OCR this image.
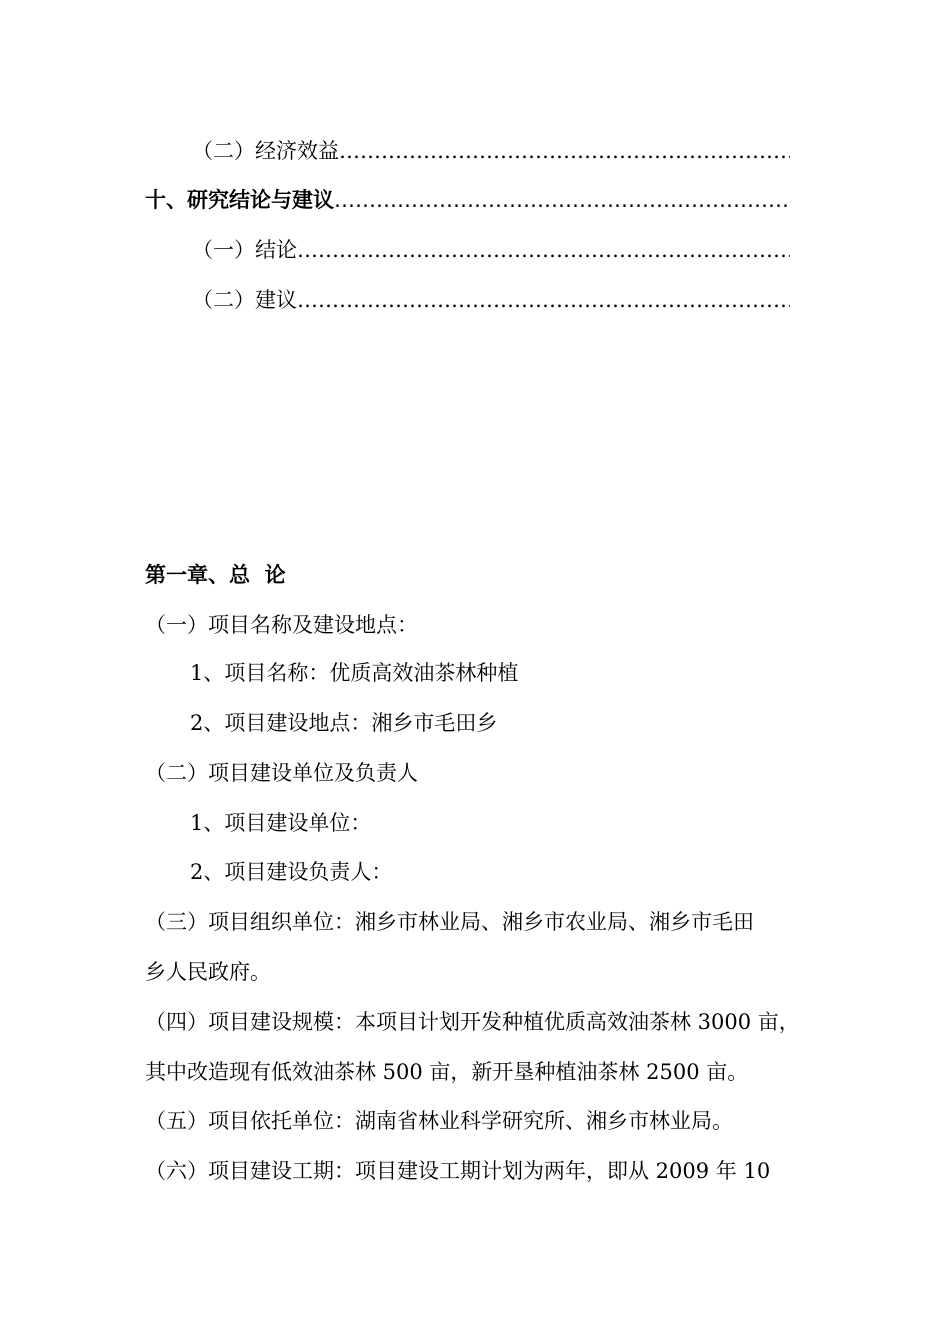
（二）经济效益
……………………………………………………………………………………………………………………………………
十、研究结论与建议
……………………………………………………………………………………………………………………………………
（一）结论
……………………………………………………………………………………………………………………………………
（二）建议
……………………………………………………………………………………………………………………………………
第一章、总  论
（一）项目名称及建设地点：
1、项目名称：优质高效油茶林种植
2、项目建设地点：湘乡市毛田乡
（二）项目建设单位及负责人
1、项目建设单位：
2、项目建设负责人：
（三）项目组织单位：湘乡市林业局、湘乡市农业局、湘乡市毛田
乡人民政府。
（四）项目建设规模：本项目计划开发种植优质高效油茶林 3000 亩，
其中改造现有低效油茶林 500 亩，新开垦种植油茶林 2500 亩。
（五）项目依托单位：湖南省林业科学研究所、湘乡市林业局。
（六）项目建设工期：项目建设工期计划为两年，即从 2009 年 10
